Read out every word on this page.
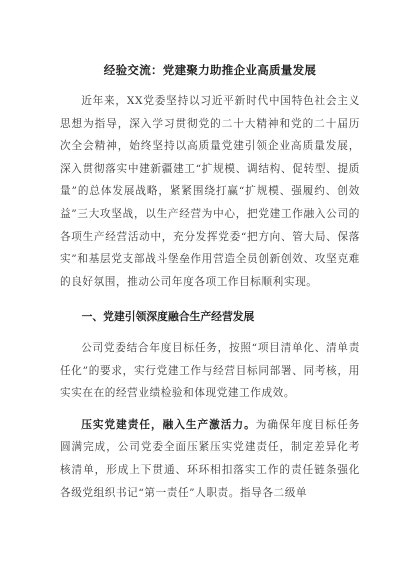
经验交流：党建聚力助推企业高质量发展

近年来，XX党委坚持以习近平新时代中国特色社会主义思想为指导，深入学习贯彻党的二十大精神和党的二十届历次全会精神，始终坚持以高质量党建引领企业高质量发展，深入贯彻落实中建新疆建工“扩规模、调结构、促转型、提质量”的总体发展战略，紧紧围绕打赢“扩规模、强履约、创效益”三大攻坚战，以生产经营为中心，把党建工作融入公司的各项生产经营活动中，充分发挥党委“把方向、管大局、保落实”和基层党支部战斗堡垒作用营造全员创新创效、攻坚克难的良好氛围，推动公司年度各项工作目标顺利实现。

一、党建引领深度融合生产经营发展

公司党委结合年度目标任务，按照“项目清单化、清单责任化”的要求，实行党建工作与经营目标同部署、同考核，用实实在在的经营业绩检验和体现党建工作成效。

压实党建责任，融入生产激活力。为确保年度目标任务圆满完成，公司党委全面压紧压实党建责任，制定差异化考核清单，形成上下贯通、环环相扣落实工作的责任链条强化各级党组织书记“第一责任”人职责。指导各二级单
